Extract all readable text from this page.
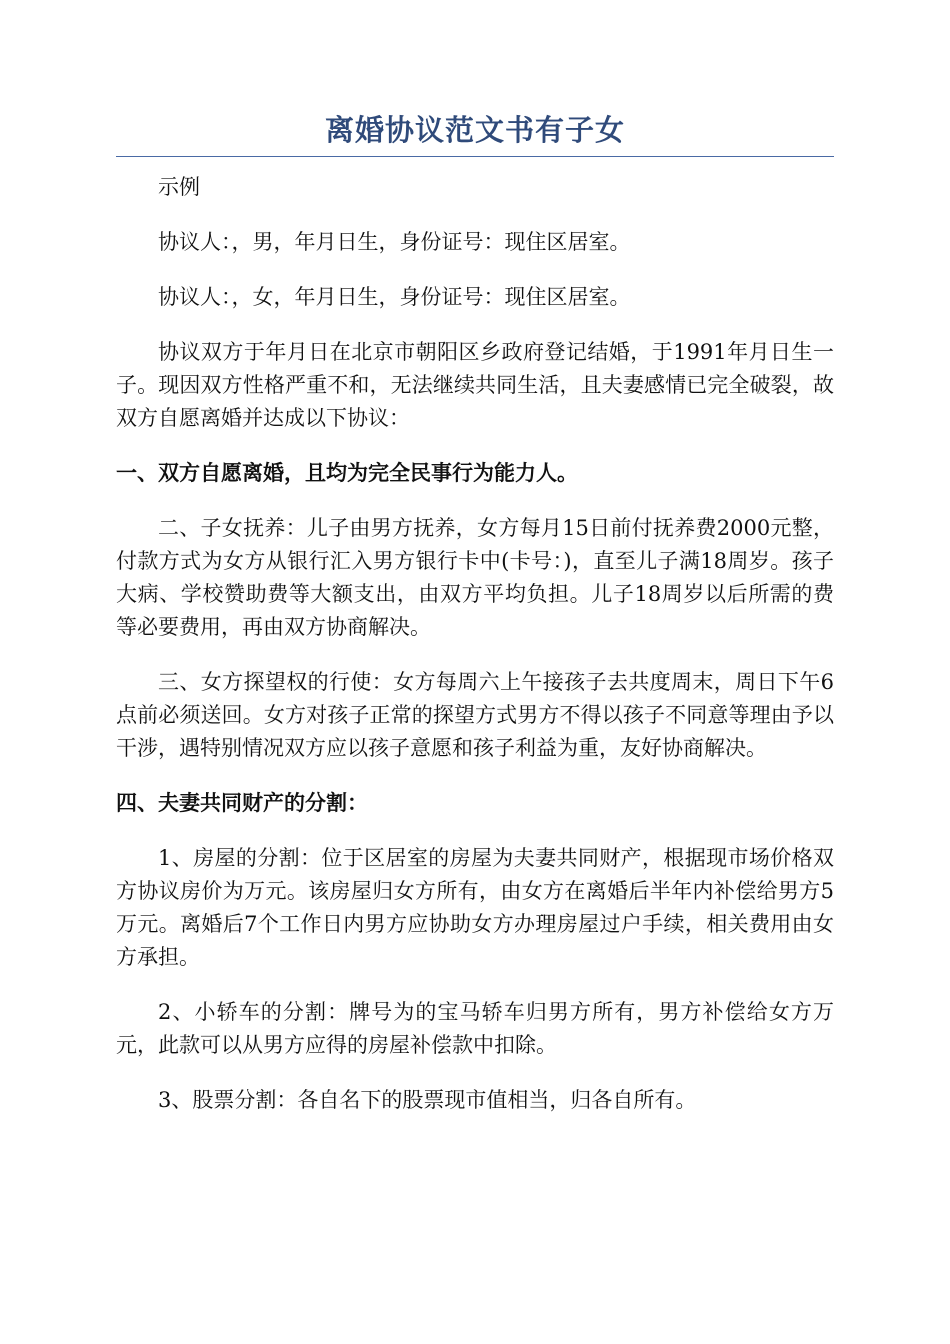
离婚协议范文书有子女

示例

协议人：，男，年月日生，身份证号：现住区居室。

协议人：，女，年月日生，身份证号：现住区居室。

协议双方于年月日在北京市朝阳区乡政府登记结婚，于1991年月日生一子。现因双方性格严重不和，无法继续共同生活，且夫妻感情已完全破裂，故双方自愿离婚并达成以下协议：

一、双方自愿离婚，且均为完全民事行为能力人。

二、子女抚养：儿子由男方抚养，女方每月15日前付抚养费2000元整，付款方式为女方从银行汇入男方银行卡中(卡号：)，直至儿子满18周岁。孩子大病、学校赞助费等大额支出，由双方平均负担。儿子18周岁以后所需的费等必要费用，再由双方协商解决。

三、女方探望权的行使：女方每周六上午接孩子去共度周末，周日下午6点前必须送回。女方对孩子正常的探望方式男方不得以孩子不同意等理由予以干涉，遇特别情况双方应以孩子意愿和孩子利益为重，友好协商解决。

四、夫妻共同财产的分割：

1、房屋的分割：位于区居室的房屋为夫妻共同财产，根据现市场价格双方协议房价为万元。该房屋归女方所有，由女方在离婚后半年内补偿给男方5万元。离婚后7个工作日内男方应协助女方办理房屋过户手续，相关费用由女方承担。

2、小轿车的分割：牌号为的宝马轿车归男方所有，男方补偿给女方万元，此款可以从男方应得的房屋补偿款中扣除。

3、股票分割：各自名下的股票现市值相当，归各自所有。
